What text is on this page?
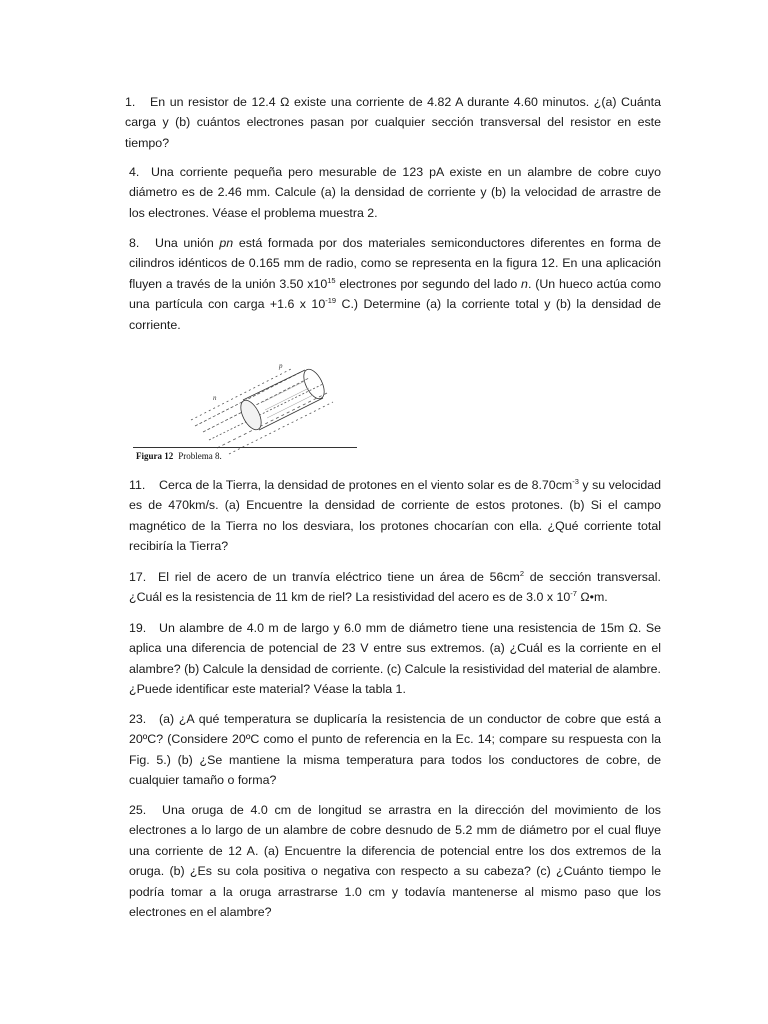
1. En un resistor de 12.4 Ω existe una corriente de 4.82 A durante 4.60 minutos. ¿(a) Cuánta carga y (b) cuántos electrones pasan por cualquier sección transversal del resistor en este tiempo?
4. Una corriente pequeña pero mesurable de 123 pA existe en un alambre de cobre cuyo diámetro es de 2.46 mm. Calcule (a) la densidad de corriente y (b) la velocidad de arrastre de los electrones. Véase el problema muestra 2.
8. Una unión pn está formada por dos materiales semiconductores diferentes en forma de cilindros idénticos de 0.165 mm de radio, como se representa en la figura 12. En una aplicación fluyen a través de la unión 3.50 $x10^{15}$ electrones por segundo del lado n. (Un hueco actúa como una partícula con carga +1.6 x $10^{-19}$ C.) Determine (a) la corriente total y (b) la densidad de corriente.
p
n
Figura 12 Problema 8.
11. Cerca de la Tierra, la densidad de protones en el viento solar es de $8.70cm^{-3}$ y su velocidad es de 470km/s. (a) Encuentre la densidad de corriente de estos protones. (b) Si el campo magnético de la Tierra no los desviara, los protones chocarían con ella. ¿Qué corriente total recibiría la Tierra?
17. El riel de acero de un tranvía eléctrico tiene un área de $56cm^2$ de sección transversal. ¿Cuál es la resistencia de 11 km de riel? La resistividad del acero es de 3.0 x $10^{-7}$ Ω•m.
19. Un alambre de 4.0 m de largo y 6.0 mm de diámetro tiene una resistencia de 15m Ω. Se aplica una diferencia de potencial de 23 V entre sus extremos. (a) ¿Cuál es la corriente en el alambre? (b) Calcule la densidad de corriente. (c) Calcule la resistividad del material de alambre. ¿Puede identificar este material? Véase la tabla 1.
23. (a) ¿A qué temperatura se duplicaría la resistencia de un conductor de cobre que está a 20ºC? (Considere 20ºC como el punto de referencia en la Ec. 14; compare su respuesta con la Fig. 5.) (b) ¿Se mantiene la misma temperatura para todos los conductores de cobre, de cualquier tamaño o forma?
25. Una oruga de 4.0 cm de longitud se arrastra en la dirección del movimiento de los electrones a lo largo de un alambre de cobre desnudo de 5.2 mm de diámetro por el cual fluye una corriente de 12 A. (a) Encuentre la diferencia de potencial entre los dos extremos de la oruga. (b) ¿Es su cola positiva o negativa con respecto a su cabeza? (c) ¿Cuánto tiempo le podría tomar a la oruga arrastrarse 1.0 cm y todavía mantenerse al mismo paso que los electrones en el alambre?
